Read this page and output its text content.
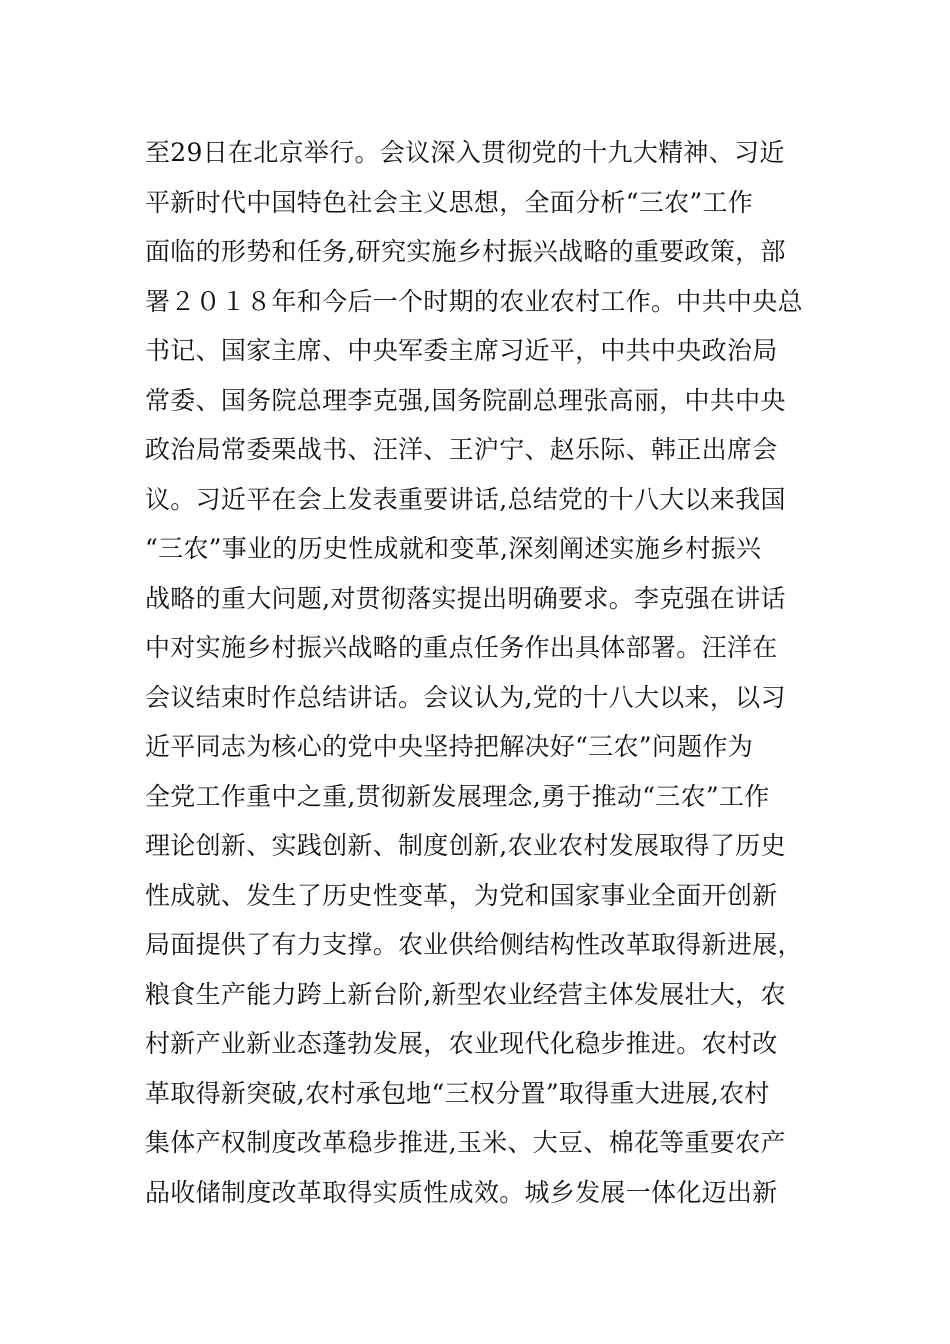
至29日在北京举行。会议深入贯彻党的十九大精神、习近
平新时代中国特色社会主义思想，全面分析“三农”工作
面临的形势和任务,研究实施乡村振兴战略的重要政策，部
署２０１８年和今后一个时期的农业农村工作。中共中央总
书记、国家主席、中央军委主席习近平，中共中央政治局
常委、国务院总理李克强,国务院副总理张高丽，中共中央
政治局常委栗战书、汪洋、王沪宁、赵乐际、韩正出席会
议。习近平在会上发表重要讲话,总结党的十八大以来我国
“三农”事业的历史性成就和变革,深刻阐述实施乡村振兴
战略的重大问题,对贯彻落实提出明确要求。李克强在讲话
中对实施乡村振兴战略的重点任务作出具体部署。汪洋在
会议结束时作总结讲话。会议认为,党的十八大以来，以习
近平同志为核心的党中央坚持把解决好“三农”问题作为
全党工作重中之重,贯彻新发展理念,勇于推动“三农”工作
理论创新、实践创新、制度创新,农业农村发展取得了历史
性成就、发生了历史性变革，为党和国家事业全面开创新
局面提供了有力支撑。农业供给侧结构性改革取得新进展，
粮食生产能力跨上新台阶,新型农业经营主体发展壮大，农
村新产业新业态蓬勃发展，农业现代化稳步推进。农村改
革取得新突破,农村承包地“三权分置”取得重大进展,农村
集体产权制度改革稳步推进,玉米、大豆、棉花等重要农产
品收储制度改革取得实质性成效。城乡发展一体化迈出新
